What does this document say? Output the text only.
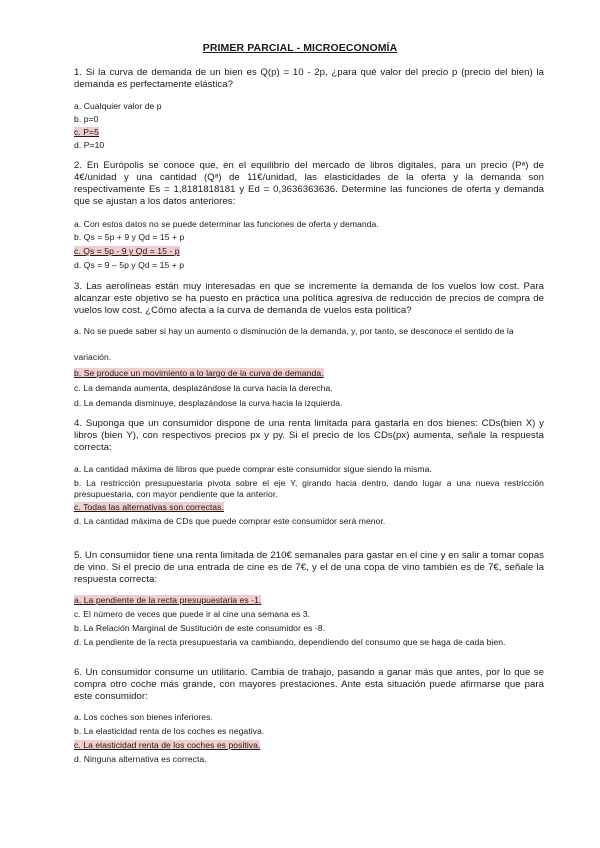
PRIMER PARCIAL - MICROECONOMÍA
1. Si la curva de demanda de un bien es Q(p) = 10 - 2p, ¿para qué valor del precio p (precio del bien) la demanda es perfectamente elástica?
a. Cualquier valor de p
b. p=0
c. P=5
d. P=10
2. En Európolis se conoce que, en el equilibrio del mercado de libros digitales, para un precio (Pᵃ) de 4€/unidad y una cantidad (Qᵃ) de 11€/unidad, las elasticidades de la oferta y la demanda son respectivamente Es = 1,8181818181 y Ed = 0,3636363636. Determine las funciones de oferta y demanda que se ajustan a los datos anteriores:
a. Con estos datos no se puede determinar las funciones de oferta y demanda.
b. Qs = 5p + 9 y Qd = 15 + p
c. Qs = 5p - 9 y Qd = 15 - p
d. Qs = 9 – 5p y Qd = 15 + p
3. Las aerolíneas están muy interesadas en que se incremente la demanda de los vuelos low cost. Para alcanzar este objetivo se ha puesto en práctica una política agresiva de reducción de precios de compra de vuelos low cost. ¿Cómo afecta a la curva de demanda de vuelos esta política?
a. No se puede saber si hay un aumento o disminución de la demanda, y, por tanto, se desconoce el sentido de la
variación.
b. Se produce un movimiento a lo largo de la curva de demanda.
c. La demanda aumenta, desplazándose la curva hacia la derecha.
d. La demanda disminuye, desplazándose la curva hacia la izquierda.
4. Suponga que un consumidor dispone de una renta limitada para gastarla en dos bienes: CDs(bien X) y libros (bien Y), con respectivos precios px y py. Si el precio de los CDs(px) aumenta, señale la respuesta correcta:
a. La cantidad máxima de libros que puede comprar este consumidor sigue siendo la misma.
b. La restricción presupuestaria pivota sobre el eje Y, girando hacia dentro, dando lugar a una nueva restricción presupuestaria, con mayor pendiente que la anterior.
c. Todas las alternativas son correctas.
d. La cantidad máxima de CDs que puede comprar este consumidor será menor.
5. Un consumidor tiene una renta limitada de 210€ semanales para gastar en el cine y en salir a tomar copas de vino. Si el precio de una entrada de cine es de 7€, y el de una copa de vino también es de 7€, señale la respuesta correcta:
a. La pendiente de la recta presupuestaria es -1.
c. El número de veces que puede ir al cine una semana es 3.
b. La Relación Marginal de Sustitución de este consumidor es -8.
d. La pendiente de la recta presupuestaria va cambiando, dependiendo del consumo que se haga de cada bien.
6. Un consumidor consume un utilitario. Cambia de trabajo, pasando a ganar más que antes, por lo que se compra otro coche más grande, con mayores prestaciones. Ante esta situación puede afirmarse que para este consumidor:
a. Los coches son bienes inferiores.
b. La elasticidad renta de los coches es negativa.
c. La elasticidad renta de los coches es positiva.
d. Ninguna alternativa es correcta.
